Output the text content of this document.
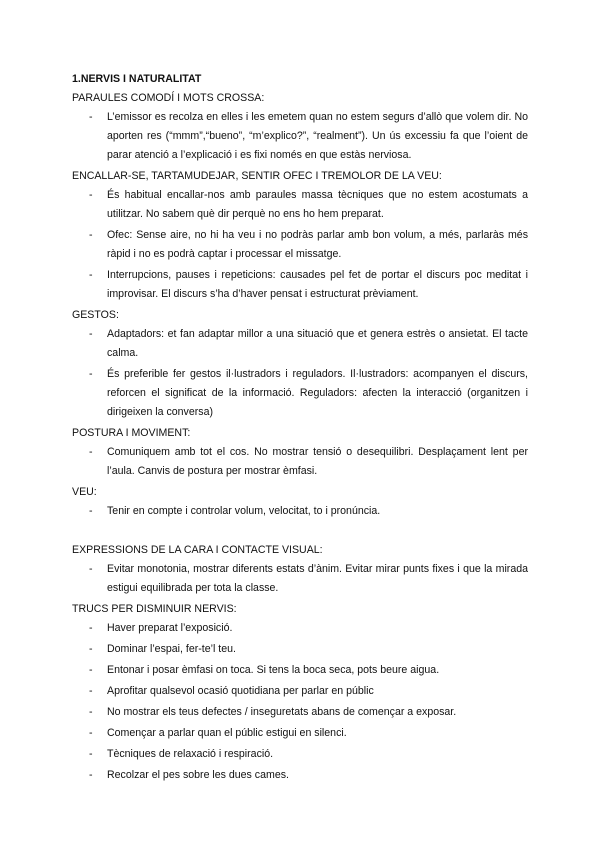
1.NERVIS I NATURALITAT

PARAULES COMODÍ I MOTS CROSSA:

- L’emissor es recolza en elles i les emetem quan no estem segurs d’allò que volem dir. No aporten res (“mmm”,“bueno”, “m’explico?”, “realment”). Un ús excessiu fa que l’oient de parar atenció a l’explicació i es fixi només en que estàs nerviosa.

ENCALLAR-SE, TARTAMUDEJAR, SENTIR OFEC I TREMOLOR DE LA VEU:

- És habitual encallar-nos amb paraules massa tècniques que no estem acostumats a utilitzar. No sabem què dir perquè no ens ho hem preparat.
- Ofec: Sense aire, no hi ha veu i no podràs parlar amb bon volum, a més, parlaràs més ràpid i no es podrà captar i processar el missatge.
- Interrupcions, pauses i repeticions: causades pel fet de portar el discurs poc meditat i improvisar. El discurs s’ha d’haver pensat i estructurat prèviament.

GESTOS:

- Adaptadors: et fan adaptar millor a una situació que et genera estrès o ansietat. El tacte calma.
- És preferible fer gestos il·lustradors i reguladors. Il·lustradors: acompanyen el discurs, reforcen el significat de la informació. Reguladors: afecten la interacció (organitzen i dirigeixen la conversa)

POSTURA I MOVIMENT:

- Comuniquem amb tot el cos. No mostrar tensió o desequilibri. Desplaçament lent per l’aula. Canvis de postura per mostrar èmfasi.

VEU:

- Tenir en compte i controlar volum, velocitat, to i pronúncia.

EXPRESSIONS DE LA CARA I CONTACTE VISUAL:

- Evitar monotonia, mostrar diferents estats d’ànim. Evitar mirar punts fixes i que la mirada estigui equilibrada per tota la classe.

TRUCS PER DISMINUIR NERVIS:

- Haver preparat l’exposició.
- Dominar l’espai, fer-te’l teu.
- Entonar i posar èmfasi on toca. Si tens la boca seca, pots beure aigua.
- Aprofitar qualsevol ocasió quotidiana per parlar en públic
- No mostrar els teus defectes / inseguretats abans de començar a exposar.
- Començar a parlar quan el públic estigui en silenci.
- Tècniques de relaxació i respiració.
- Recolzar el pes sobre les dues cames.
